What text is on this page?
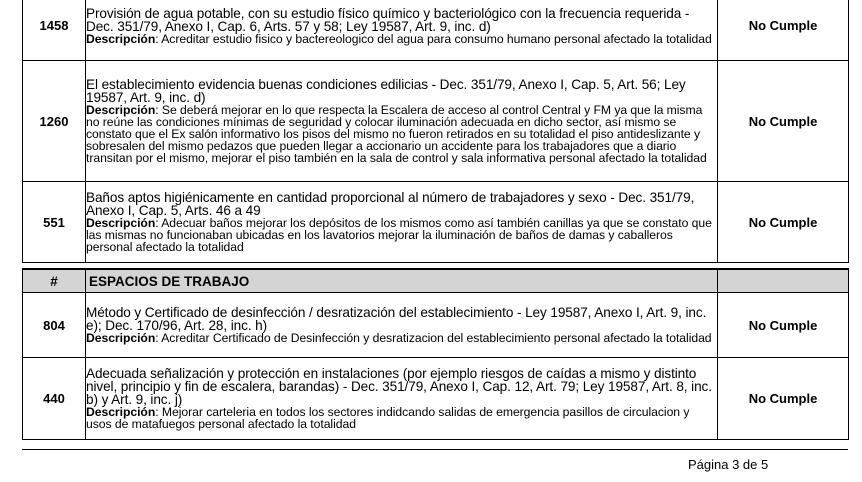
1458	Provisión de agua potable, con su estudio físico químico y bacteriológico con la frecuencia requerida - Dec. 351/79, Anexo I, Cap. 6, Arts. 57 y 58; Ley 19587, Art. 9, inc. d)
Descripción: Acreditar estudio fisico y bactereologico del agua para consumo humano personal afectado la totalidad	No Cumple
1260	El establecimiento evidencia buenas condiciones edilicias - Dec. 351/79, Anexo I, Cap. 5, Art. 56; Ley 19587, Art. 9, inc. d)
Descripción: Se deberá mejorar en lo que respecta la Escalera de acceso al control Central y FM ya que la misma no reúne las condiciones mínimas de seguridad y colocar iluminación adecuada en dicho sector, así mismo se constato que el Ex salón informativo los pisos del mismo no fueron retirados en su totalidad el piso antideslizante y sobresalen del mismo pedazos que pueden llegar a accionario un accidente para los trabajadores que a diario transitan por el mismo, mejorar el piso también en la sala de control y sala informativa personal afectado la totalidad	No Cumple
551	Baños aptos higiénicamente en cantidad proporcional al número de trabajadores y sexo - Dec. 351/79, Anexo I, Cap. 5, Arts. 46 a 49
Descripción: Adecuar baños mejorar los depósitos de los mismos como así también canillas ya que se constato que las mismas no funcionaban ubicadas en los lavatorios mejorar la iluminación de baños de damas y caballeros personal afectado la totalidad	No Cumple

#	ESPACIOS DE TRABAJO	
804	Método y Certificado de desinfección / desratización del establecimiento - Ley 19587, Anexo I, Art. 9, inc. e); Dec. 170/96, Art. 28, inc. h)
Descripción: Acreditar Certificado de Desinfección y desratizacion del establecimiento personal afectado la totalidad	No Cumple
440	Adecuada señalización y protección en instalaciones (por ejemplo riesgos de caídas a mismo y distinto nivel, principio y fin de escalera, barandas) - Dec. 351/79, Anexo I, Cap. 12, Art. 79; Ley 19587, Art. 8, inc. b) y Art. 9, inc. j)
Descripción: Mejorar carteleria en todos los sectores indidcando salidas de emergencia pasillos de circulacion y usos de matafuegos personal afectado la totalidad	No Cumple
Página 3 de 5
